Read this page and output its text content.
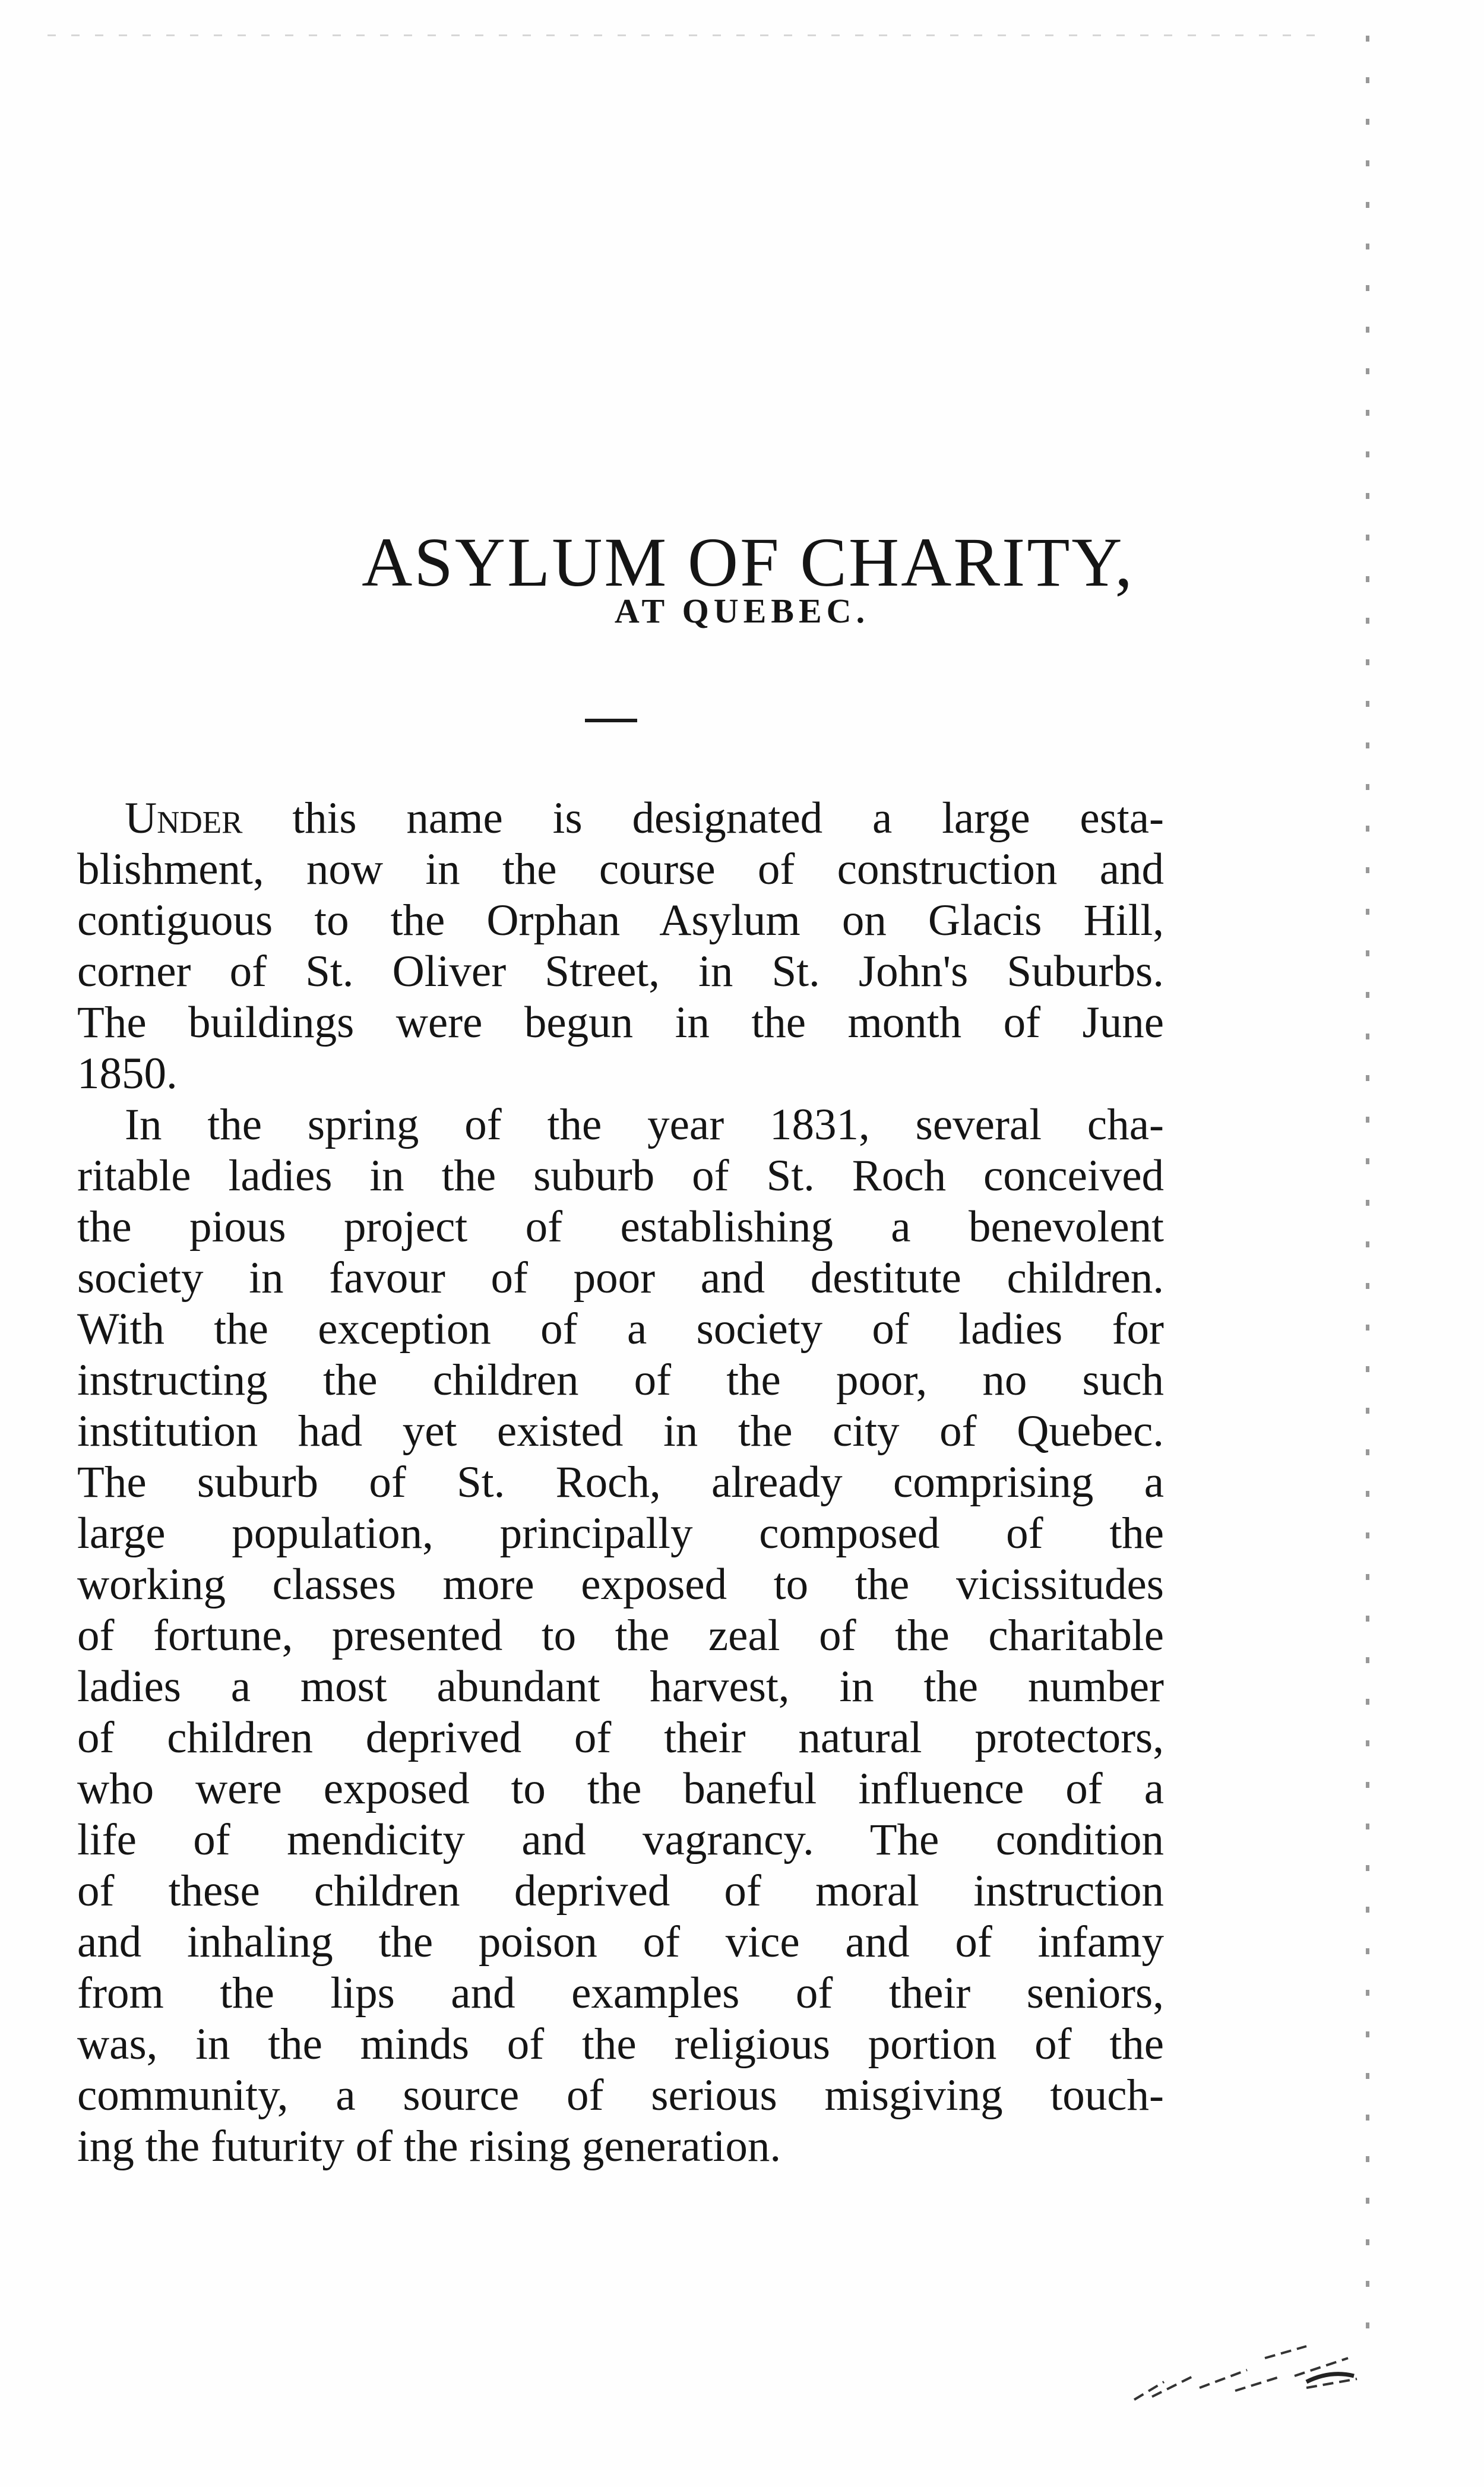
ASYLUM OF CHARITY,
AT QUEBEC.
Under this name is designated a large esta-
blishment, now in the course of construction and
contiguous to the Orphan Asylum on Glacis Hill,
corner of St. Oliver Street, in St. John's Suburbs.
The buildings were begun in the month of June
1850.
In the spring of the year 1831, several cha-
ritable ladies in the suburb of St. Roch conceived
the pious project of establishing a benevolent
society in favour of poor and destitute children.
With the exception of a society of ladies for
instructing the children of the poor, no such
institution had yet existed in the city of Quebec.
The suburb of St. Roch, already comprising a
large population, principally composed of the
working classes more exposed to the vicissitudes
of fortune, presented to the zeal of the charitable
ladies a most abundant harvest, in the number
of children deprived of their natural protectors,
who were exposed to the baneful influence of a
life of mendicity and vagrancy. The condition
of these children deprived of moral instruction
and inhaling the poison of vice and of infamy
from the lips and examples of their seniors,
was, in the minds of the religious portion of the
community, a source of serious misgiving touch-
ing the futurity of the rising generation.
